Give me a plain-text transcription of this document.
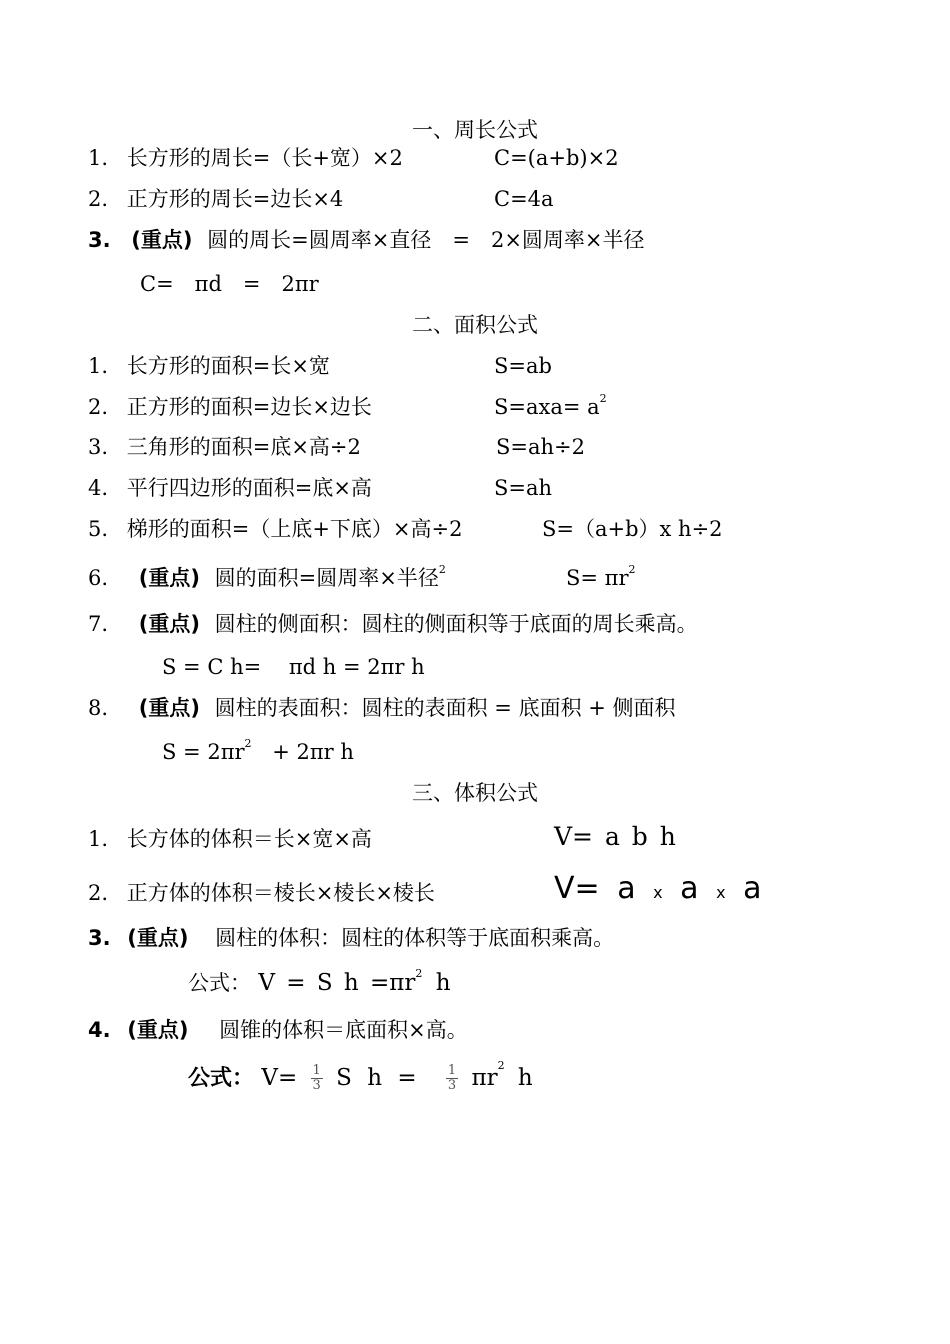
一、周长公式
1. 长方形的周长=（长+宽）×2	C=(a+b)×2
2. 正方形的周长=边长×4	C=4a
3. (重点) 圆的周长=圆周率×直径　=　2×圆周率×半径
C=　πd　=　2πr
二、面积公式
1. 长方形的面积=长×宽	S=ab
2. 正方形的面积=边长×边长	$S=axa= a^2$
3. 三角形的面积=底×高÷2	S=ah÷2
4. 平行四边形的面积=底×高	S=ah
5. 梯形的面积=（上底+下底）×高÷2	S=（a+b）x h÷2
6. (重点) 圆的面积=圆周率×半径$^2$	$S= \pi r^2$
7. (重点) 圆柱的侧面积：圆柱的侧面积等于底面的周长乘高。
S = C h= 　πd h = 2πr h
8. (重点) 圆柱的表面积：圆柱的表面积 = 底面积 + 侧面积
$S = 2\pi r^2 + 2\pi r$ h
三、体积公式
1. 长方体的体积＝长×宽×高	V= a b h
2. 正方体的体积＝棱长×棱长×棱长	V= a x a x a
3. (重点) 圆柱的体积：圆柱的体积等于底面积乘高。
公式： V = S $h =\pi r^2$ h
4. (重点) 圆锥的体积＝底面积×高。
公式： $V= \frac{1}{3}$ S $h = \frac{1}{3} \pi r^2$ h
